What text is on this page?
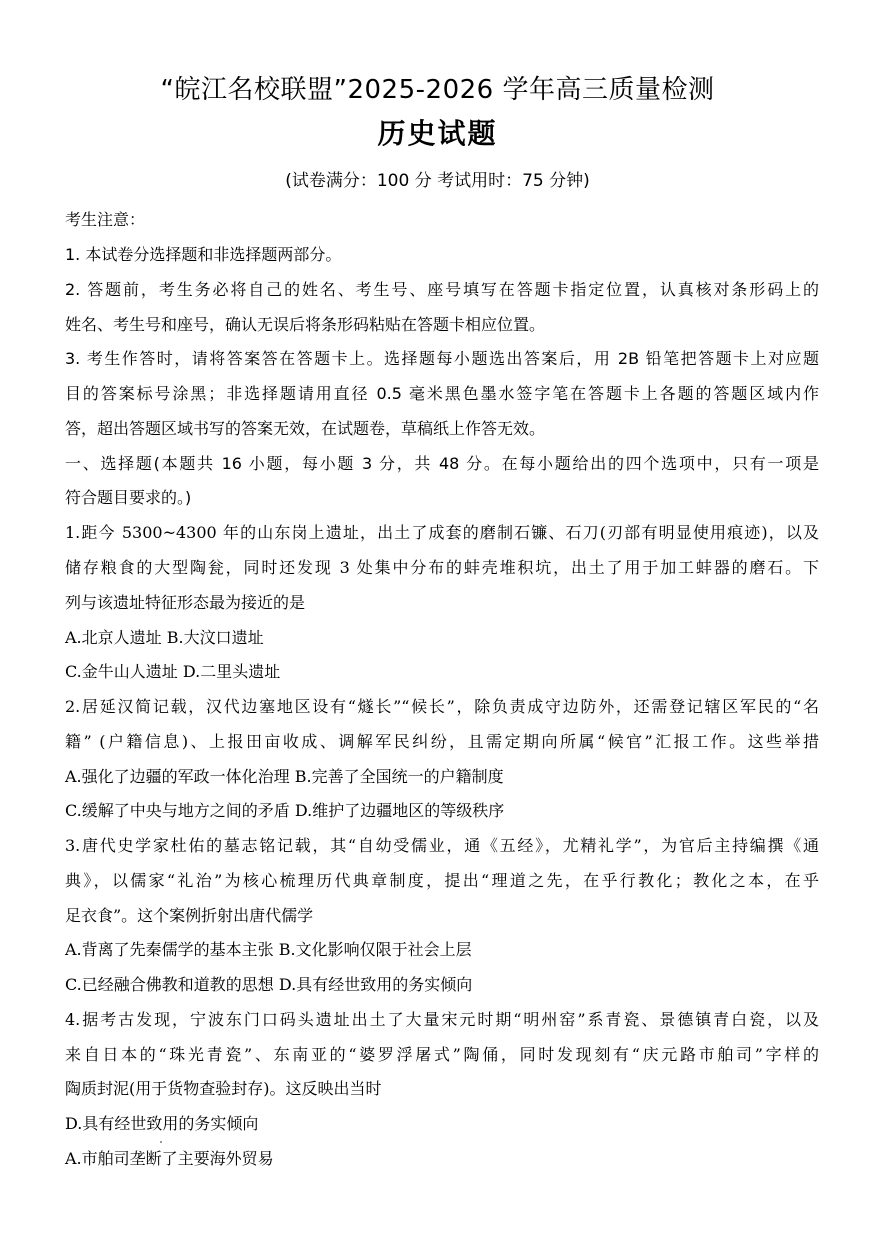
“皖江名校联盟”2025-2026 学年高三质量检测
历史试题
(试卷满分：100 分 考试用时：75 分钟)
考生注意：
1. 本试卷分选择题和非选择题两部分。
2. 答题前，考生务必将自己的姓名、考生号、座号填写在答题卡指定位置，认真核对条形码上的
姓名、考生号和座号，确认无误后将条形码粘贴在答题卡相应位置。
3. 考生作答时，请将答案答在答题卡上。选择题每小题选出答案后，用 2B 铅笔把答题卡上对应题
目的答案标号涂黑；非选择题请用直径 0.5 毫米黑色墨水签字笔在答题卡上各题的答题区域内作
答，超出答题区域书写的答案无效，在试题卷，草稿纸上作答无效。
一、选择题(本题共 16 小题，每小题 3 分，共 48 分。在每小题给出的四个选项中，只有一项是
符合题目要求的。)
1.距今 5300~4300 年的山东岗上遗址，出土了成套的磨制石镰、石刀(刃部有明显使用痕迹)，以及
储存粮食的大型陶瓮，同时还发现 3 处集中分布的蚌壳堆积坑，出土了用于加工蚌器的磨石。下
列与该遗址特征形态最为接近的是
A.北京人遗址 B.大汶口遗址
C.金牛山人遗址 D.二里头遗址
2.居延汉简记载，汉代边塞地区设有“燧长”“候长”，除负责成守边防外，还需登记辖区军民的“名
籍” (户籍信息)、上报田亩收成、调解军民纠纷，且需定期向所属“候官”汇报工作。这些举措
A.强化了边疆的军政一体化治理 B.完善了全国统一的户籍制度
C.缓解了中央与地方之间的矛盾 D.维护了边疆地区的等级秩序
3.唐代史学家杜佑的墓志铭记载，其“自幼受儒业，通《五经》，尤精礼学”，为官后主持编撰《通
典》，以儒家“礼治”为核心梳理历代典章制度，提出“理道之先，在乎行教化；教化之本，在乎
足衣食”。这个案例折射出唐代儒学
A.背离了先秦儒学的基本主张 B.文化影响仅限于社会上层
C.已经融合佛教和道教的思想 D.具有经世致用的务实倾向
4.据考古发现，宁波东门口码头遗址出土了大量宋元时期“明州窑”系青瓷、景德镇青白瓷，以及
来自日本的“珠光青瓷”、东南亚的“婆罗浮屠式”陶俑，同时发现刻有“庆元路市舶司”字样的
陶质封泥(用于货物查验封存)。这反映出当时
D.具有经世致用的务实倾向
A.市舶司垄断了主要海外贸易
